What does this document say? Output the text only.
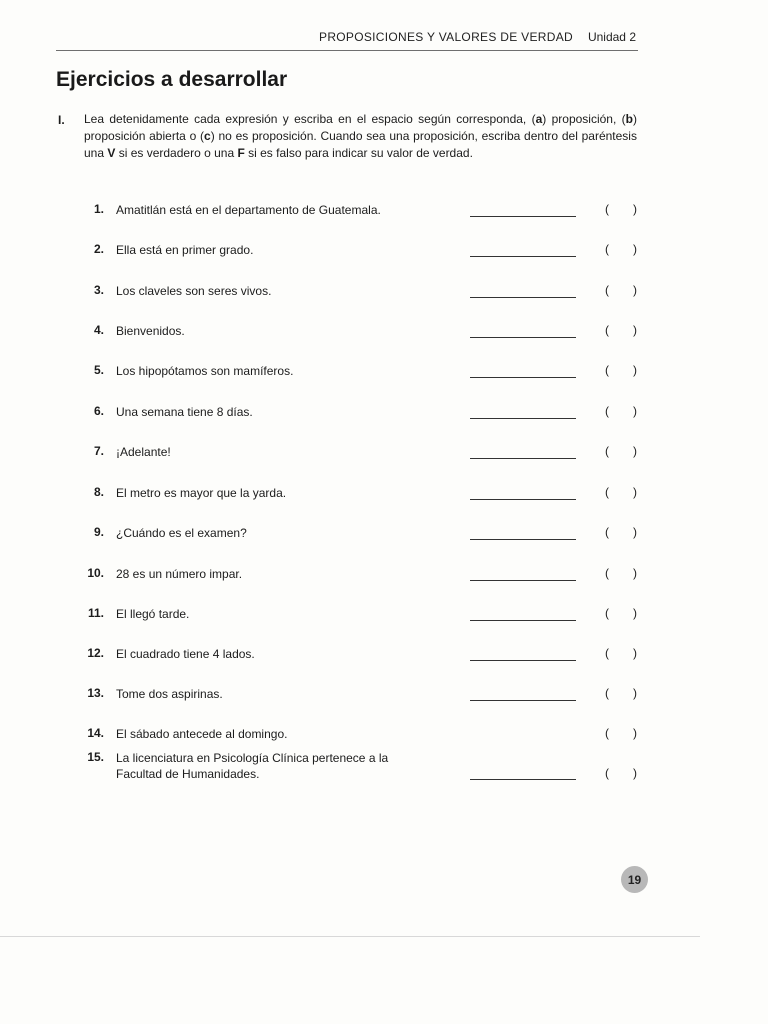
PROPOSICIONES Y VALORES DE VERDAD Unidad 2
Ejercicios a desarrollar
I. Lea detenidamente cada expresión y escriba en el espacio según corresponda, (a) proposición, (b) proposición abierta o (c) no es proposición. Cuando sea una proposición, escriba dentro del paréntesis una V si es verdadero o una F si es falso para indicar su valor de verdad.

1. Amatitlán está en el departamento de Guatemala.	( )
2. Ella está en primer grado.	( )
3. Los claveles son seres vivos.	( )
4. Bienvenidos.	( )
5. Los hipopótamos son mamíferos.	( )
6. Una semana tiene 8 días.	( )
7. ¡Adelante!	( )
8. El metro es mayor que la yarda.	( )
9. ¿Cuándo es el examen?	( )
10. 28 es un número impar.	( )
11. El llegó tarde.	( )
12. El cuadrado tiene 4 lados.	( )
13. Tome dos aspirinas.	( )
14. El sábado antecede al domingo.	( )
15. La licenciatura en Psicología Clínica pertenece a la Facultad de Humanidades.	( )
19
